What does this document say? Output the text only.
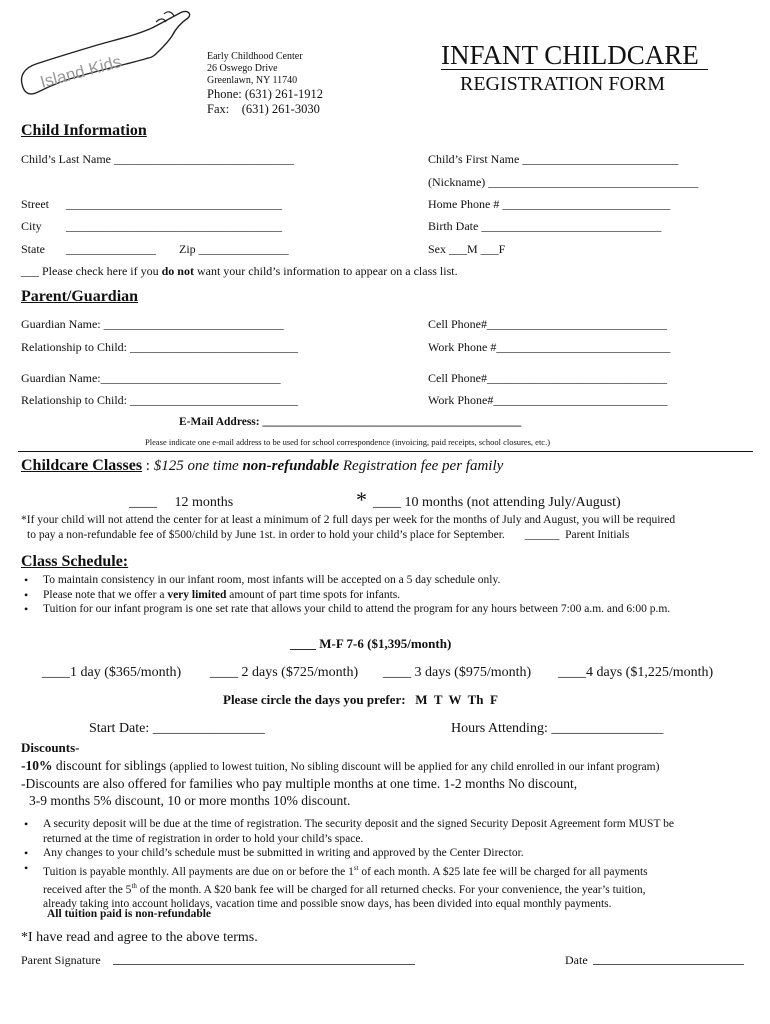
Island Kids	Early Childhood Center
26 Oswego Drive
Greenlawn, NY 11740
Phone: (631) 261-1912
Fax:    (631) 261-3030
INFANT CHILDCARE
REGISTRATION FORM
Child Information
Child’s Last Name ______________________________	Child’s First Name __________________________
(Nickname) ___________________________________
Street ____________________________________	Home Phone # ____________________________
City ____________________________________	Birth Date ______________________________
State _______________ Zip _______________	Sex ___M ___F
___ Please check here if you do not want your child’s information to appear on a class list.
Parent/Guardian
Guardian Name: ______________________________	Cell Phone#______________________________
Relationship to Child: ____________________________	Work Phone #_____________________________
Guardian Name:______________________________	Cell Phone#______________________________
Relationship to Child: ____________________________	Work Phone#_____________________________
E-Mail Address: _____________________________________________
Please indicate one e-mail address to be used for school correspondence (invoicing, paid receipts, school closures, etc.)
Childcare Classes : $125 one time non-refundable Registration fee per family
____     12 months	* ____ 10 months (not attending July/August)
*If your child will not attend the center for at least a minimum of 2 full days per week for the months of July and August, you will be required
to pay a non-refundable fee of $500/child by June 1st. in order to hold your child’s place for September.       ______  Parent Initials
Class Schedule:
• To maintain consistency in our infant room, most infants will be accepted on a 5 day schedule only.
• Please note that we offer a very limited amount of part time spots for infants.
• Tuition for our infant program is one set rate that allows your child to attend the program for any hours between 7:00 a.m. and 6:00 p.m.
____ M-F 7-6 ($1,395/month)
____1 day ($365/month) ____ 2 days ($725/month) ____ 3 days ($975/month) ____4 days ($1,225/month)
Please circle the days you prefer:   M  T  W  Th  F
Start Date: ________________	Hours Attending: ________________
Discounts-
-10% discount for siblings (applied to lowest tuition, No sibling discount will be applied for any child enrolled in our infant program)
-Discounts are also offered for families who pay multiple months at one time. 1-2 months No discount,
3-9 months 5% discount, 10 or more months 10% discount.
• A security deposit will be due at the time of registration. The security deposit and the signed Security Deposit Agreement form MUST be
returned at the time of registration in order to hold your child’s space.
• Any changes to your child’s schedule must be submitted in writing and approved by the Center Director.
• Tuition is payable monthly. All payments are due on or before the 1st of each month. A $25 late fee will be charged for all payments
received after the 5th of the month. A $20 bank fee will be charged for all returned checks. For your convenience, the year’s tuition,
already taking into account holidays, vacation time and possible snow days, has been divided into equal monthly payments.
All tuition paid is non-refundable
*I have read and agree to the above terms.
Parent Signature	Date
